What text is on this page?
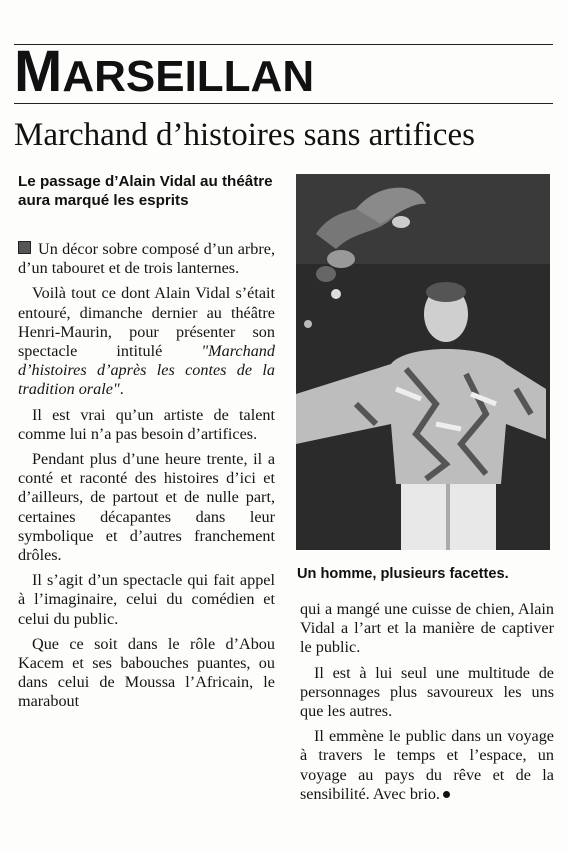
MARSEILLAN
Marchand d’histoires sans artifices
Le passage d’Alain Vidal au théâtre aura marqué les esprits
Un homme, plusieurs facettes.

Un décor sobre composé d’un arbre, d’un tabouret et de trois lanternes.

Voilà tout ce dont Alain Vidal s’était entouré, dimanche dernier au théâtre Henri-Maurin, pour présenter son spectacle intitulé "Marchand d’histoires d’après les contes de la tradition orale".

Il est vrai qu’un artiste de talent comme lui n’a pas besoin d’artifices.

Pendant plus d’une heure trente, il a conté et raconté des histoires d’ici et d’ailleurs, de partout et de nulle part, certaines décapantes dans leur symbolique et d’autres franchement drôles.

Il s’agit d’un spectacle qui fait appel à l’imaginaire, celui du comédien et celui du public.

Que ce soit dans le rôle d’Abou Kacem et ses babouches puantes, ou dans celui de Moussa l’Africain, le marabout

qui a mangé une cuisse de chien, Alain Vidal a l’art et la manière de captiver le public.

Il est à lui seul une multitude de personnages plus savoureux les uns que les autres.

Il emmène le public dans un voyage à travers le temps et l’espace, un voyage au pays du rêve et de la sensibilité. Avec brio.
